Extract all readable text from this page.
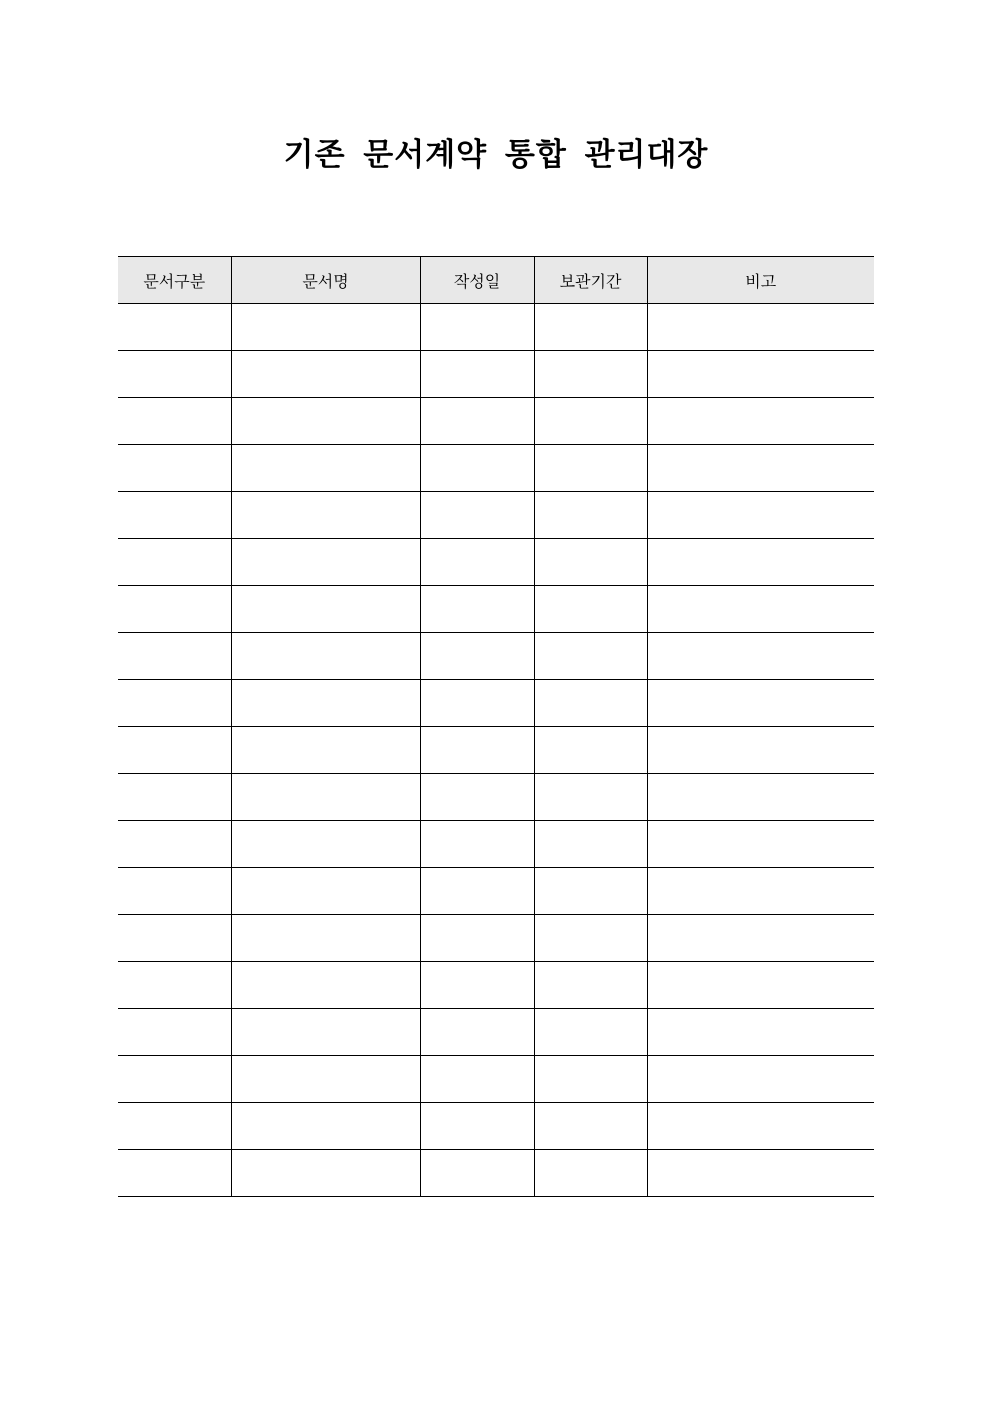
기존 문서계약 통합 관리대장
문서구분	문서명	작성일	보관기간	비고
